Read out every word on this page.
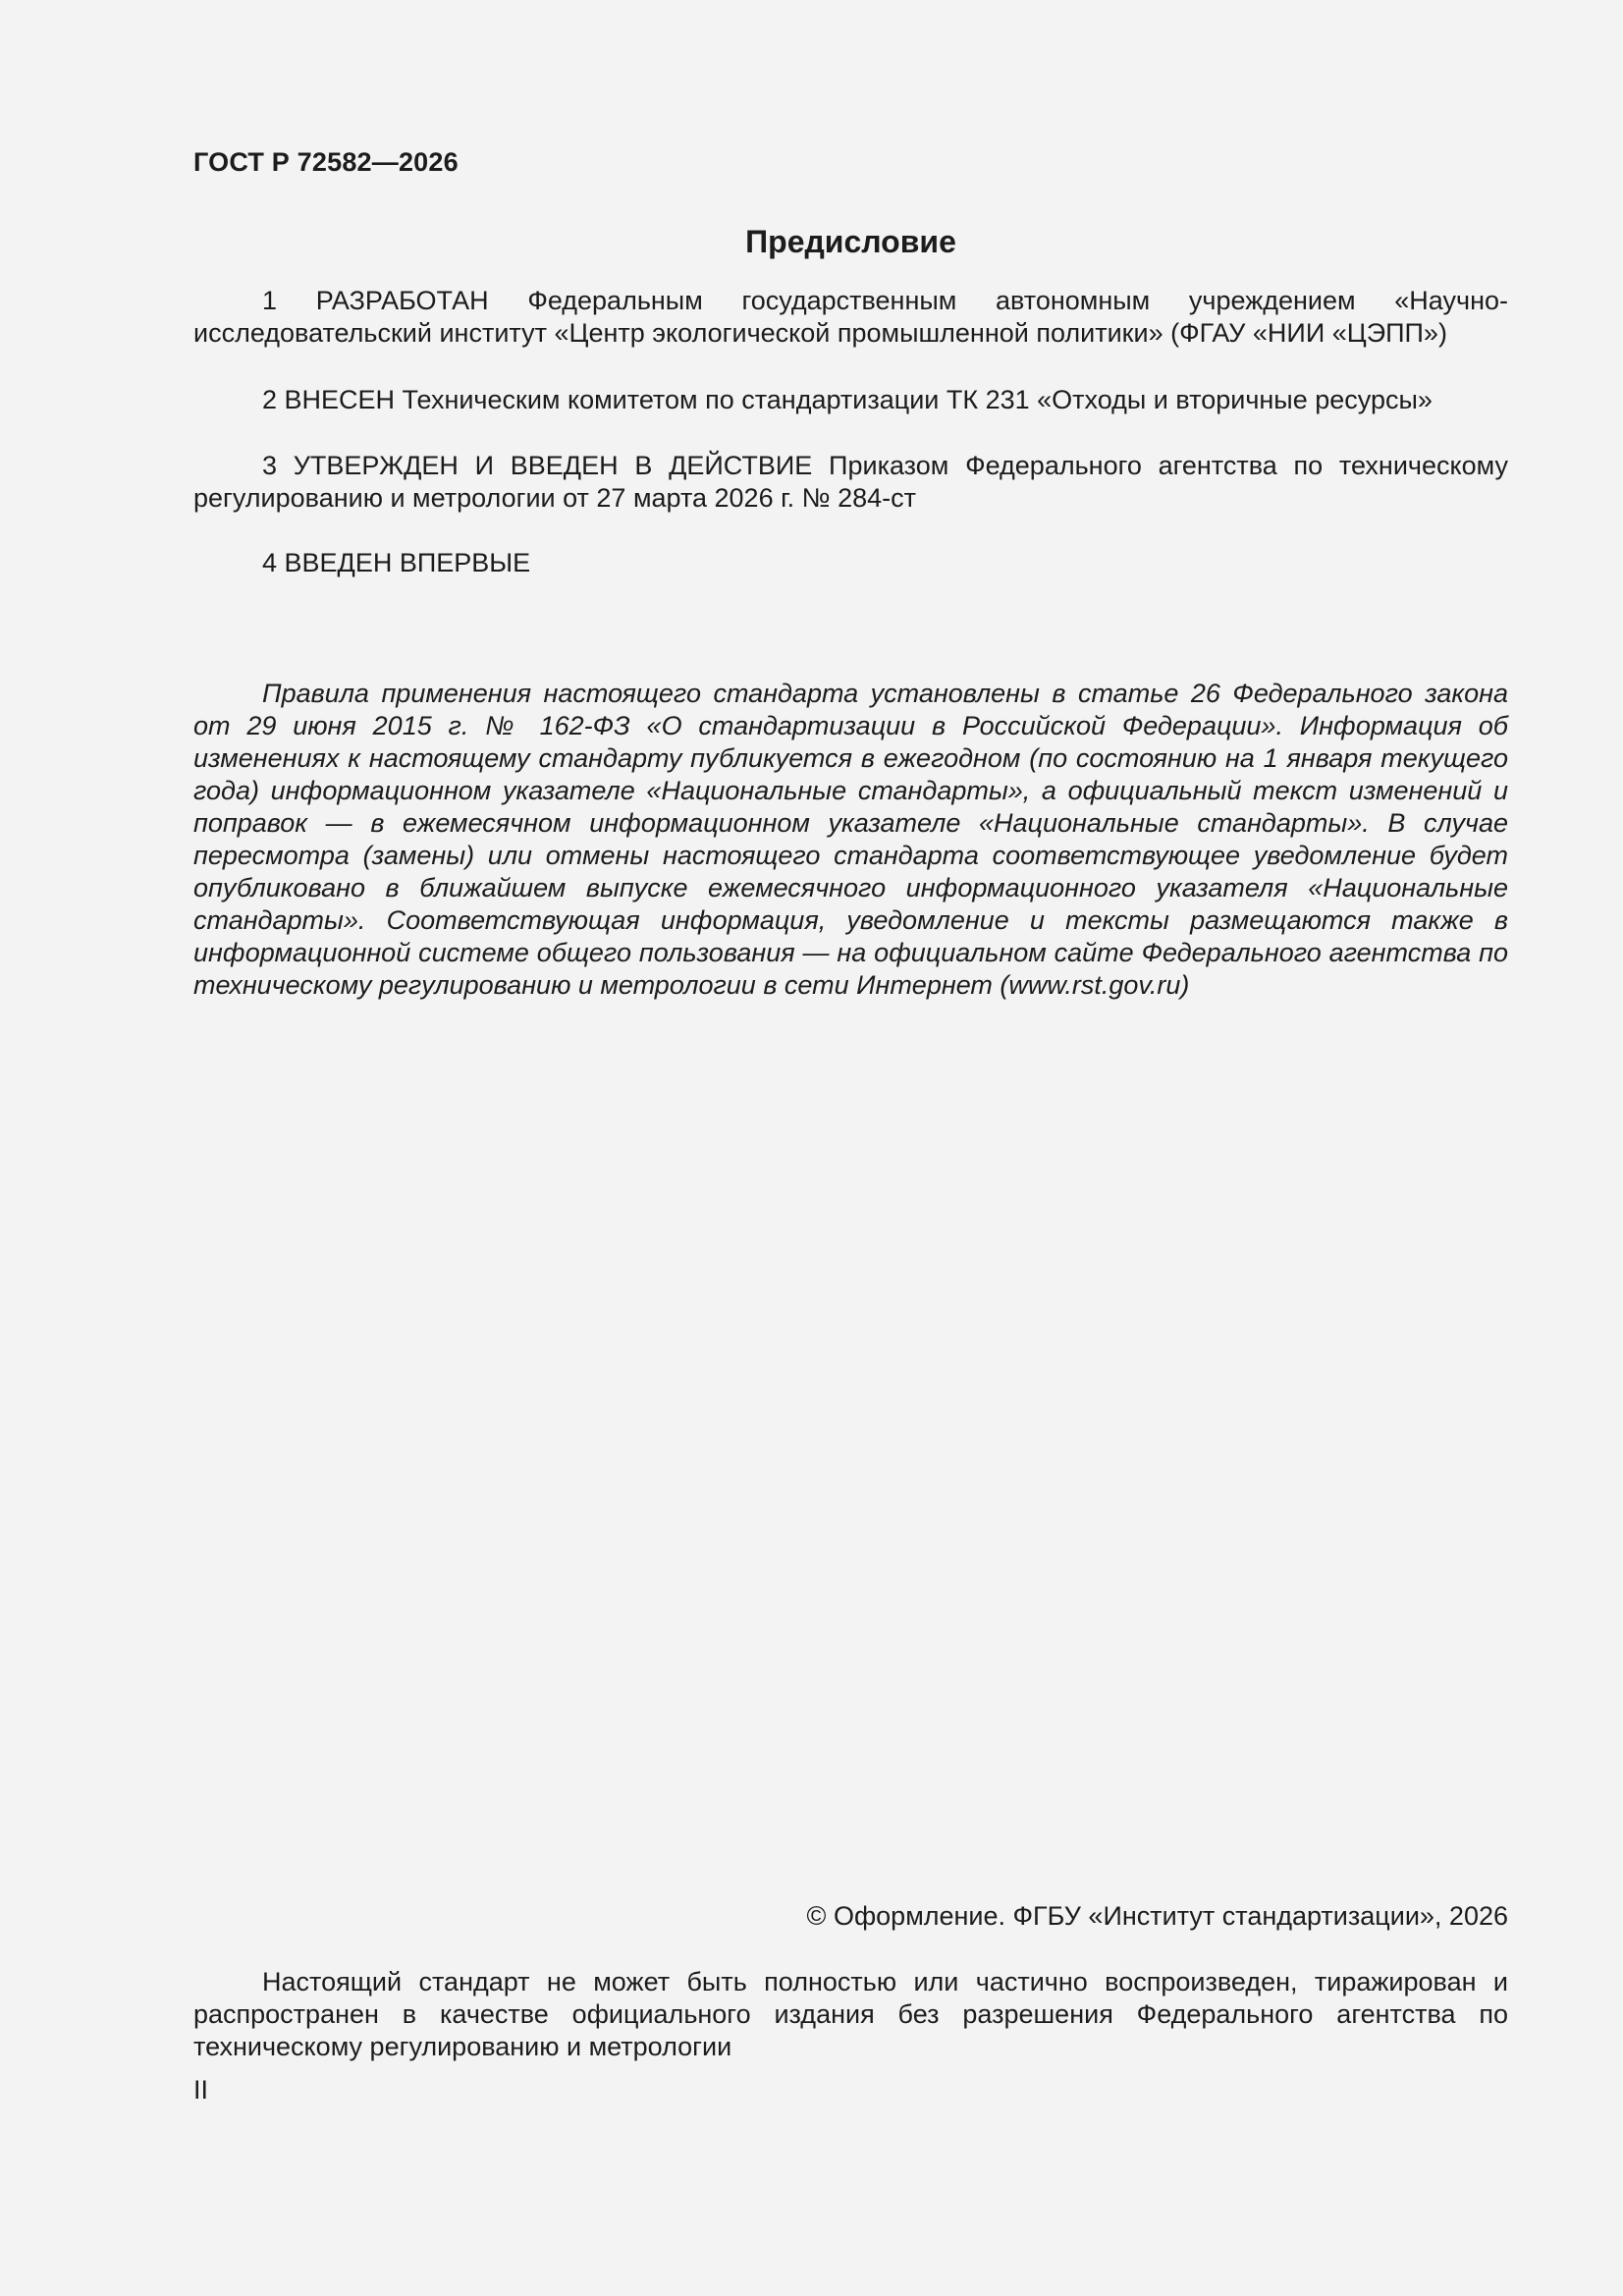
ГОСТ Р 72582—2026
Предисловие

1 РАЗРАБОТАН Федеральным государственным автономным учреждением «Научно-исследовательский институт «Центр экологической промышленной политики» (ФГАУ «НИИ «ЦЭПП»)

2 ВНЕСЕН Техническим комитетом по стандартизации ТК 231 «Отходы и вторичные ресурсы»

3 УТВЕРЖДЕН И ВВЕДЕН В ДЕЙСТВИЕ Приказом Федерального агентства по техническому регулированию и метрологии от 27 марта 2026 г. № 284-ст

4 ВВЕДЕН ВПЕРВЫЕ

Правила применения настоящего стандарта установлены в статье 26 Федерального закона от 29 июня 2015 г. № 162-ФЗ «О стандартизации в Российской Федерации». Информация об изменениях к настоящему стандарту публикуется в ежегодном (по состоянию на 1 января текущего года) информационном указателе «Национальные стандарты», а официальный текст изменений и поправок — в ежемесячном информационном указателе «Национальные стандарты». В случае пересмотра (замены) или отмены настоящего стандарта соответствующее уведомление будет опубликовано в ближайшем выпуске ежемесячного информационного указателя «Национальные стандарты». Соответствующая информация, уведомление и тексты размещаются также в информационной системе общего пользования — на официальном сайте Федерального агентства по техническому регулированию и метрологии в сети Интернет (www.rst.gov.ru)

© Оформление. ФГБУ «Институт стандартизации», 2026

Настоящий стандарт не может быть полностью или частично воспроизведен, тиражирован и распространен в качестве официального издания без разрешения Федерального агентства по техническому регулированию и метрологии

II
